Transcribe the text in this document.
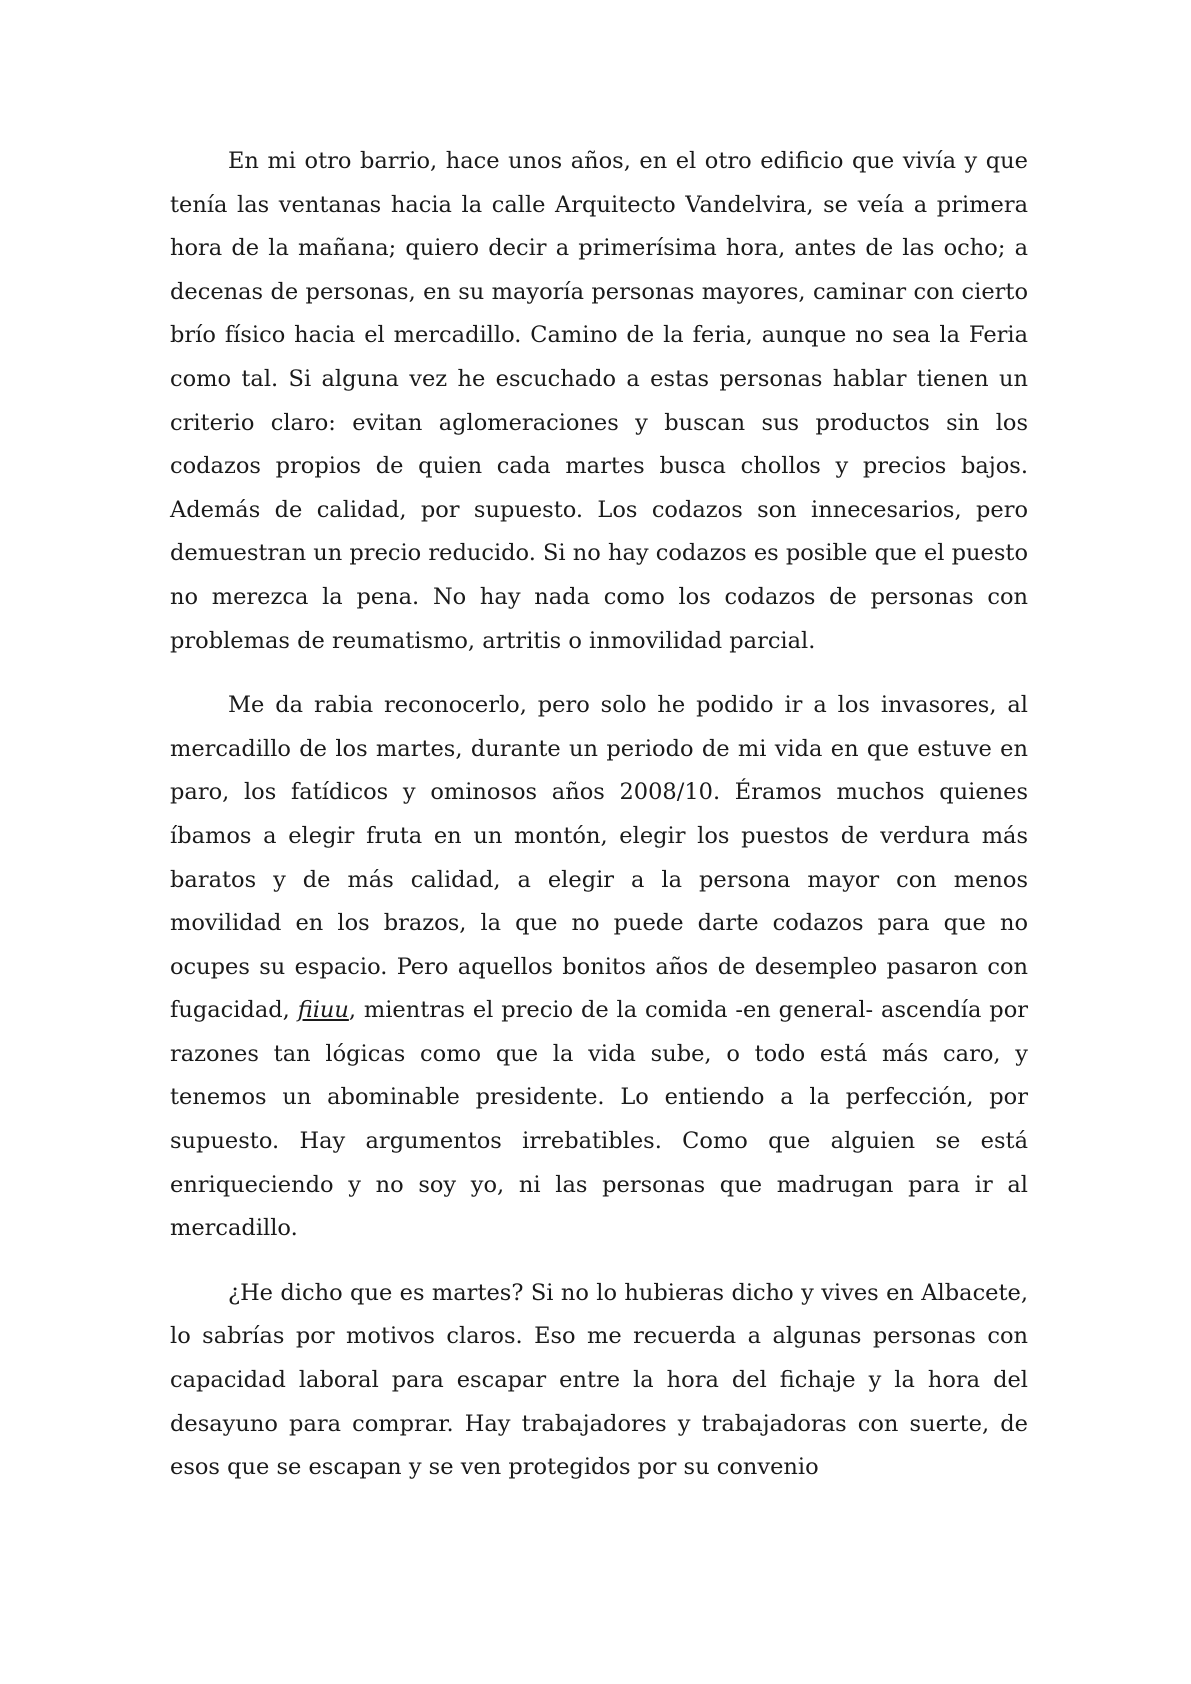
En mi otro barrio, hace unos años, en el otro edificio que vivía y que tenía las ventanas hacia la calle Arquitecto Vandelvira, se veía a primera hora de la mañana; quiero decir a primerísima hora, antes de las ocho; a decenas de personas, en su mayoría personas mayores, caminar con cierto brío físico hacia el mercadillo. Camino de la feria, aunque no sea la Feria como tal. Si alguna vez he escuchado a estas personas hablar tienen un criterio claro: evitan aglomeraciones y buscan sus productos sin los codazos propios de quien cada martes busca chollos y precios bajos. Además de calidad, por supuesto. Los codazos son innecesarios, pero demuestran un precio reducido. Si no hay codazos es posible que el puesto no merezca la pena. No hay nada como los codazos de personas con problemas de reumatismo, artritis o inmovilidad parcial.

Me da rabia reconocerlo, pero solo he podido ir a los invasores, al mercadillo de los martes, durante un periodo de mi vida en que estuve en paro, los fatídicos y ominosos años 2008/10. Éramos muchos quienes íbamos a elegir fruta en un montón, elegir los puestos de verdura más baratos y de más calidad, a elegir a la persona mayor con menos movilidad en los brazos, la que no puede darte codazos para que no ocupes su espacio. Pero aquellos bonitos años de desempleo pasaron con fugacidad, fiiuu, mientras el precio de la comida -en general- ascendía por razones tan lógicas como que la vida sube, o todo está más caro, y tenemos un abominable presidente. Lo entiendo a la perfección, por supuesto. Hay argumentos irrebatibles. Como que alguien se está enriqueciendo y no soy yo, ni las personas que madrugan para ir al mercadillo.

¿He dicho que es martes? Si no lo hubieras dicho y vives en Albacete, lo sabrías por motivos claros. Eso me recuerda a algunas personas con capacidad laboral para escapar entre la hora del fichaje y la hora del desayuno para comprar. Hay trabajadores y trabajadoras con suerte, de esos que se escapan y se ven protegidos por su convenio
